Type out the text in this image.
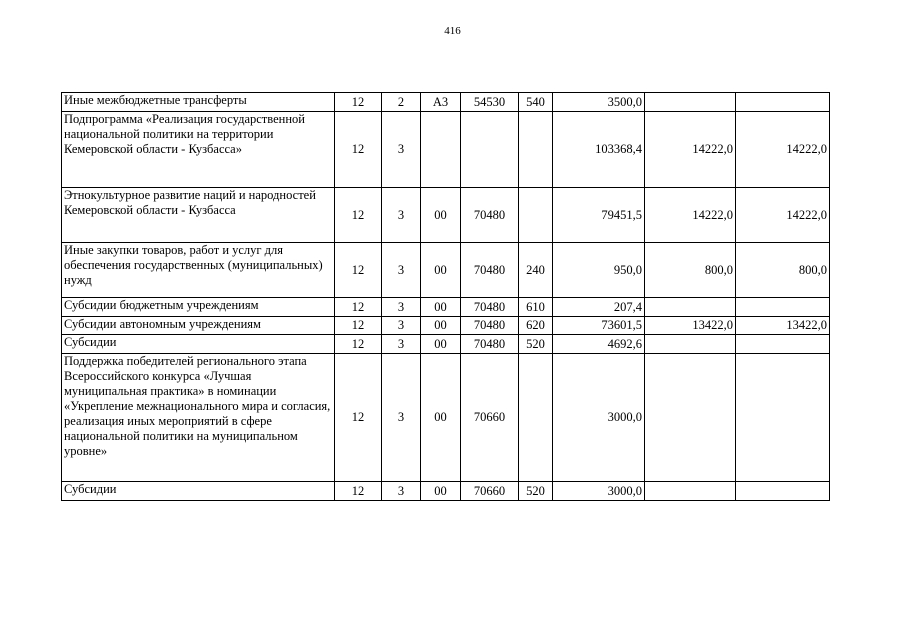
416
Иные межбюджетные трансферты	12	2	А3	54530	540	3500,0		
Подпрограмма «Реализация государственной национальной политики на территории Кемеровской области - Кузбасса»	12	3				103368,4	14222,0	14222,0
Этнокультурное развитие наций и народностей Кемеровской области - Кузбасса	12	3	00	70480		79451,5	14222,0	14222,0
Иные закупки товаров, работ и услуг для обеспечения государственных (муниципальных) нужд	12	3	00	70480	240	950,0	800,0	800,0
Субсидии бюджетным учреждениям	12	3	00	70480	610	207,4		
Субсидии автономным учреждениям	12	3	00	70480	620	73601,5	13422,0	13422,0
Субсидии	12	3	00	70480	520	4692,6		
Поддержка победителей регионального этапа Всероссийского конкурса «Лучшая муниципальная практика» в номинации «Укрепление межнационального мира и согласия, реализация иных мероприятий в сфере национальной политики на муниципальном уровне»	12	3	00	70660		3000,0		
Субсидии	12	3	00	70660	520	3000,0		
